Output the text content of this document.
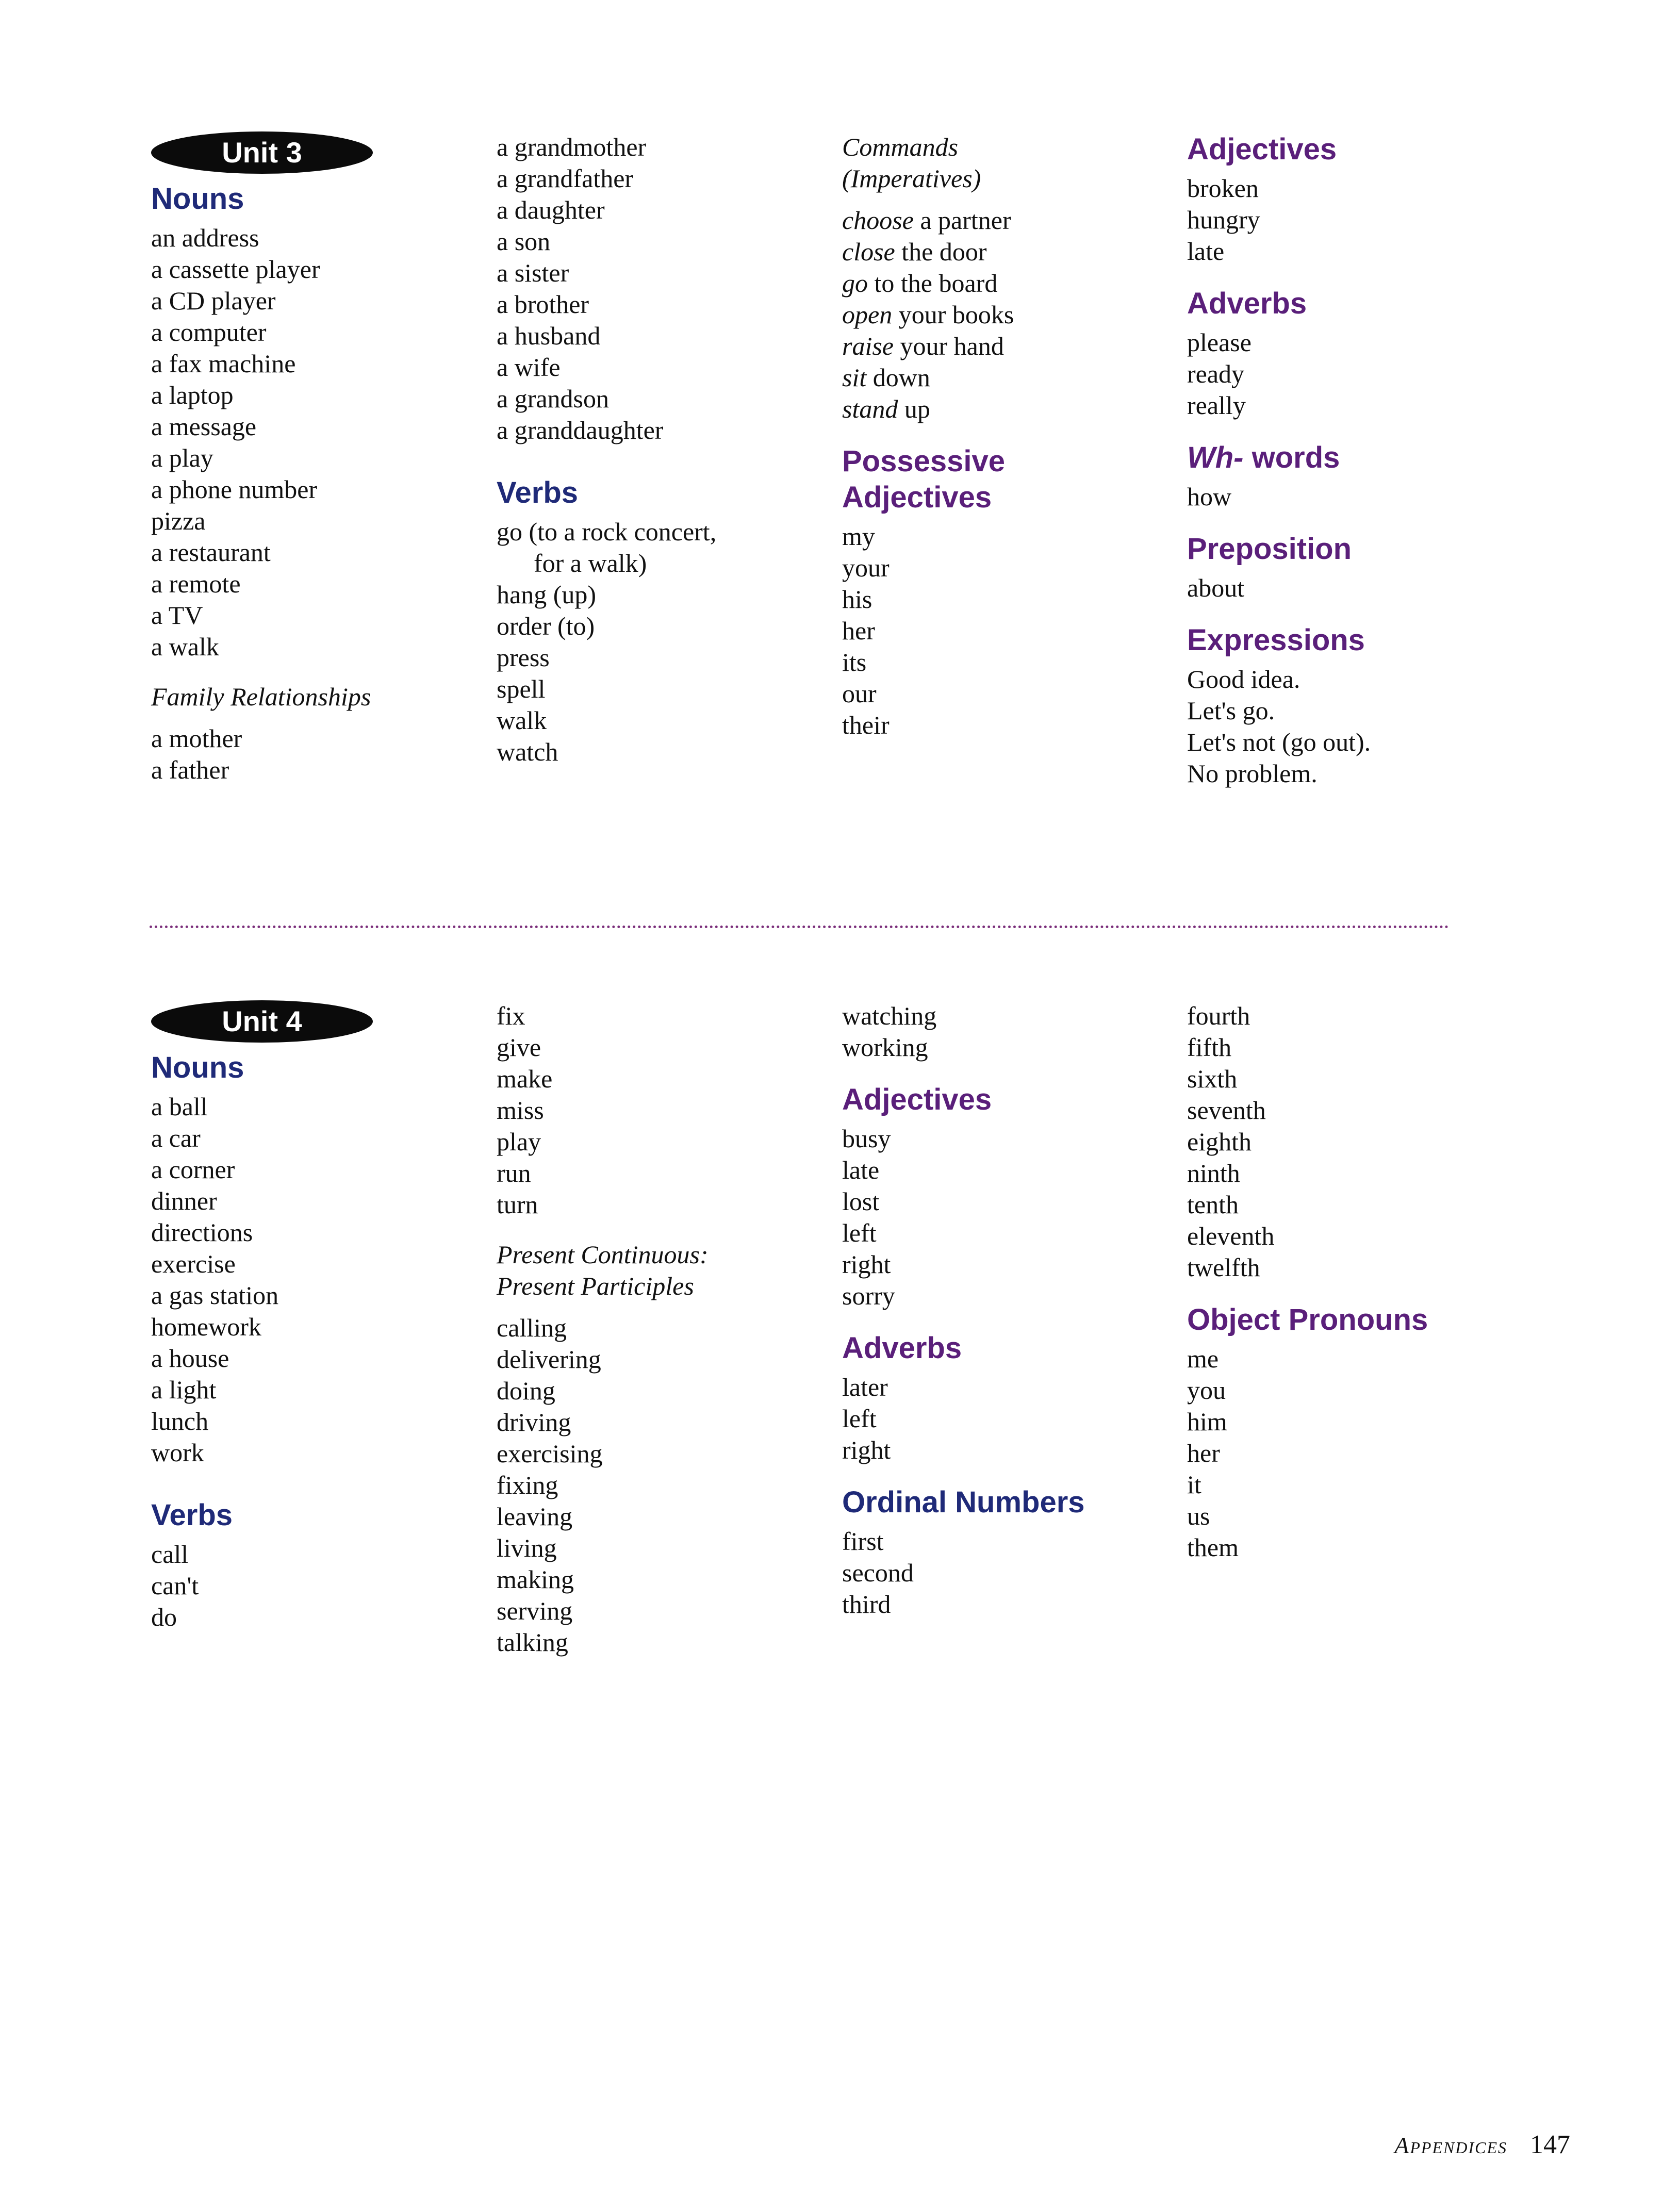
Unit 3
Nouns
an address
a cassette player
a CD player
a computer
a fax machine
a laptop
a message
a play
a phone number
pizza
a restaurant
a remote
a TV
a walk
Family Relationships
a mother
a father
a grandmother
a grandfather
a daughter
a son
a sister
a brother
a husband
a wife
a grandson
a granddaughter
Verbs
go (to a rock concert,
for a walk)
hang (up)
order (to)
press
spell
walk
watch
Commands
(Imperatives)
choose a partner
close the door
go to the board
open your books
raise your hand
sit down
stand up
Possessive
Adjectives
my
your
his
her
its
our
their
Adjectives
broken
hungry
late
Adverbs
please
ready
really
Wh- words
how
Preposition
about
Expressions
Good idea.
Let's go.
Let's not (go out).
No problem.
Unit 4
Nouns
a ball
a car
a corner
dinner
directions
exercise
a gas station
homework
a house
a light
lunch
work
Verbs
call
can't
do
fix
give
make
miss
play
run
turn
Present Continuous:
Present Participles
calling
delivering
doing
driving
exercising
fixing
leaving
living
making
serving
talking
watching
working
Adjectives
busy
late
lost
left
right
sorry
Adverbs
later
left
right
Ordinal Numbers
first
second
third
fourth
fifth
sixth
seventh
eighth
ninth
tenth
eleventh
twelfth
Object Pronouns
me
you
him
her
it
us
them
Appendices 147
